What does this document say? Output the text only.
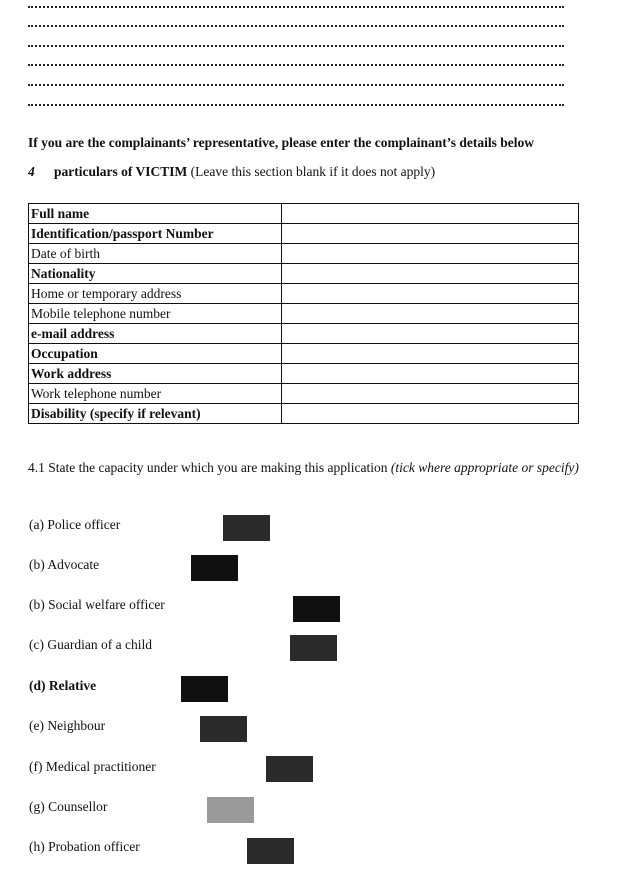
If you are the complainants’ representative, please enter the complainant’s details below
4 particulars of VICTIM (Leave this section blank if it does not apply)
Full name	
Identification/passport Number	
Date of birth	
Nationality	
Home or temporary address	
Mobile telephone number	
e-mail address	
Occupation	
Work address	
Work telephone number	
Disability (specify if relevant)	
4.1 State the capacity under which you are making this application (tick where appropriate or specify)
(a) Police officer
(b) Advocate
(b) Social welfare officer
(c) Guardian of a child
(d) Relative
(e) Neighbour
(f) Medical practitioner
(g) Counsellor
(h) Probation officer
